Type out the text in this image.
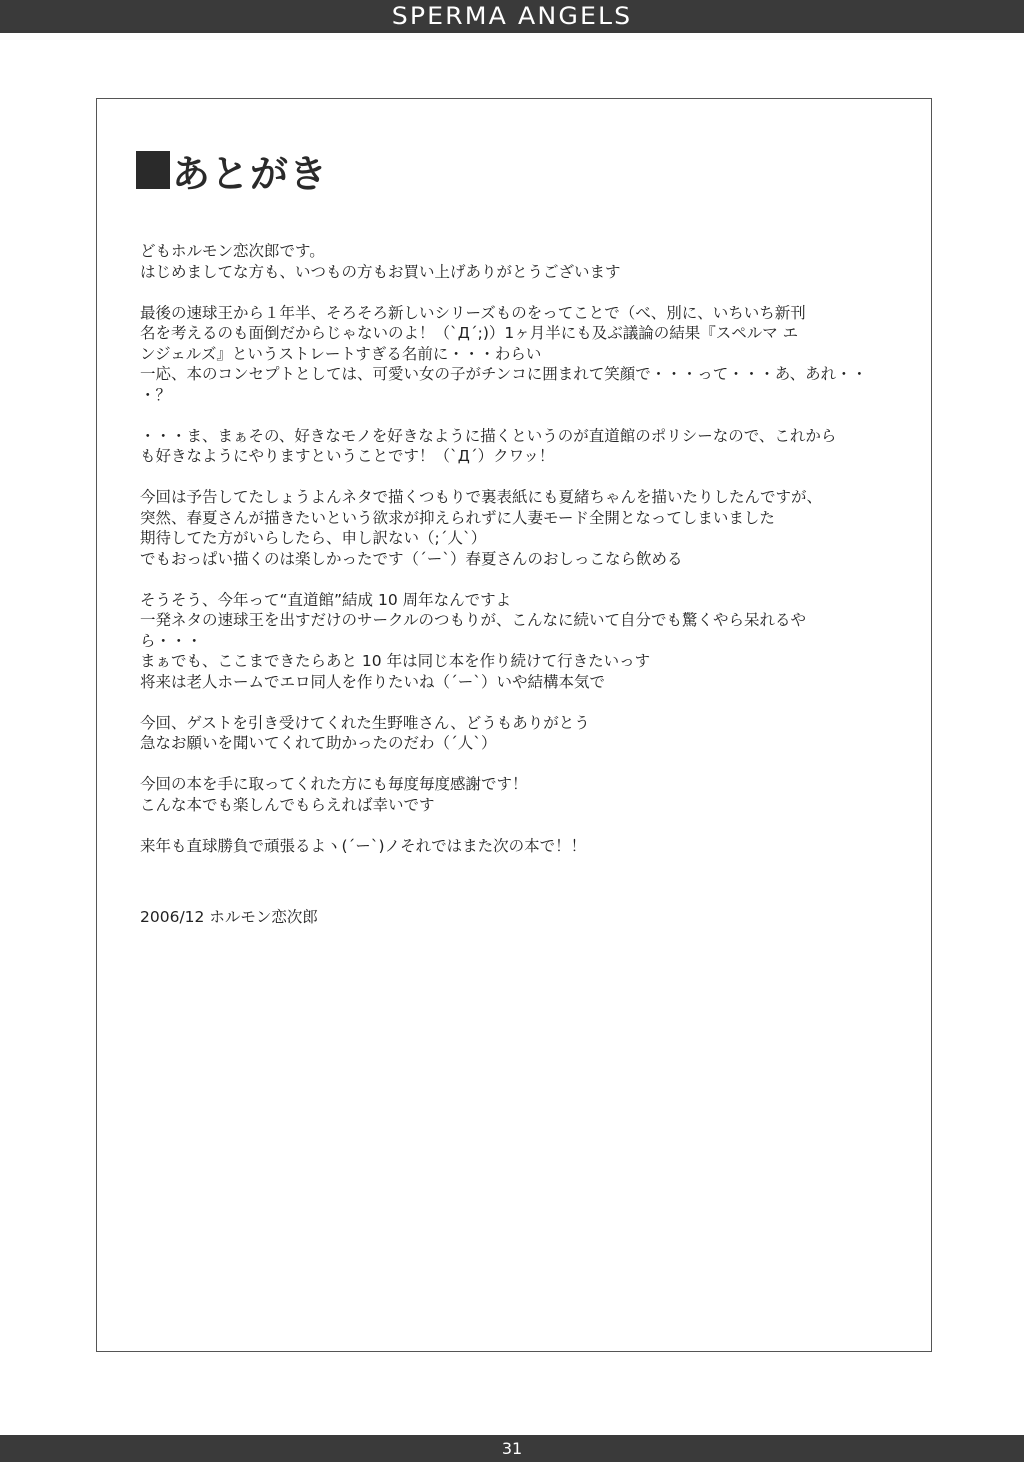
SPERMA ANGELS
あとがき
どもホルモン恋次郎です。
はじめましてな方も、いつもの方もお買い上げありがとうございます
最後の速球王から１年半、そろそろ新しいシリーズものをってことで（べ、別に、いちいち新刊
名を考えるのも面倒だからじゃないのよ！（`Д´;)）1ヶ月半にも及ぶ議論の結果『スペルマ エ
ンジェルズ』というストレートすぎる名前に・・・わらい
一応、本のコンセプトとしては、可愛い女の子がチンコに囲まれて笑顔で・・・って・・・あ、あれ・・
・？
・・・ま、まぁその、好きなモノを好きなように描くというのが直道館のポリシーなので、これから
も好きなようにやりますということです！（`Д´）クワッ！
今回は予告してたしょうよんネタで描くつもりで裏表紙にも夏緒ちゃんを描いたりしたんですが、
突然、春夏さんが描きたいという欲求が抑えられずに人妻モード全開となってしまいました
期待してた方がいらしたら、申し訳ない（;´人`）
でもおっぱい描くのは楽しかったです（´ー`）春夏さんのおしっこなら飲める
そうそう、今年って“直道館”結成 10 周年なんですよ
一発ネタの速球王を出すだけのサークルのつもりが、こんなに続いて自分でも驚くやら呆れるや
ら・・・
まぁでも、ここまできたらあと 10 年は同じ本を作り続けて行きたいっす
将来は老人ホームでエロ同人を作りたいね（´ー`）いや結構本気で
今回、ゲストを引き受けてくれた生野唯さん、どうもありがとう
急なお願いを聞いてくれて助かったのだわ（´人`）
今回の本を手に取ってくれた方にも毎度毎度感謝です！
こんな本でも楽しんでもらえれば幸いです
来年も直球勝負で頑張るよヽ(´ー`)ノそれではまた次の本で！！
2006/12 ホルモン恋次郎
31
